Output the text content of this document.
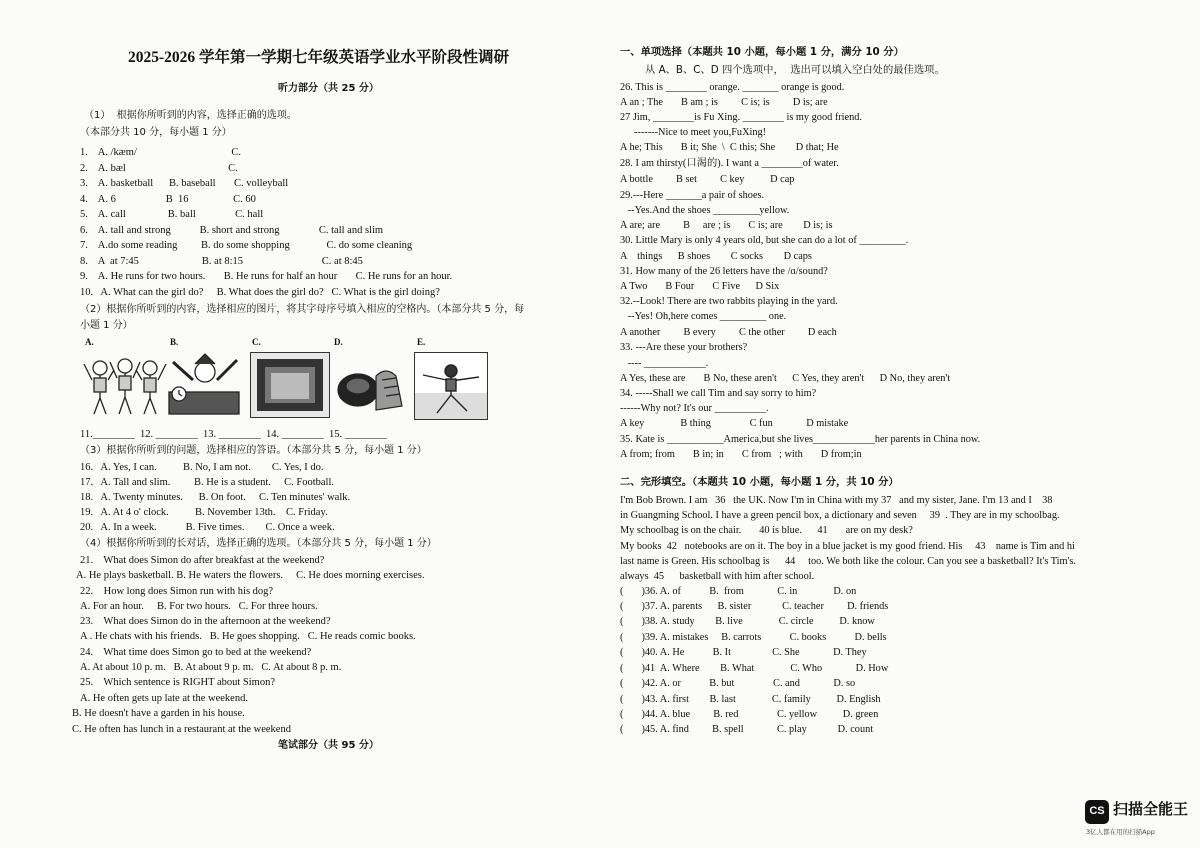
2025-2026 学年第一学期七年级英语学业水平阶段性调研
听力部分（共 25 分）
（1）  根据你所听到的内容，选择正确的选项。
（本部分共 10 分，每小题 1 分）
1.    A. /kæm/                                    C.
2.    A. bæl                                       C.
3.    A. basketball      B. baseball       C. volleyball
4.    A. 6                   B  16                 C. 60
5.    A. call                B. ball               C. hall
6.    A. tall and strong           B. short and strong               C. tall and slim
7.    A.do some reading         B. do some shopping              C. do some cleaning
8.    A  at 7:45                        B. at 8:15                              C. at 8:45
9.    A. He runs for two hours.       B. He runs for half an hour       C. He runs for an hour.
10.   A. What can the girl do?     B. What does the girl do?   C. What is the girl doing?
（2）根据你所听到的内容，选择相应的图片，将其字母序号填入相应的空格内。（本部分共 5 分，每
小题 1 分）
A.	B.	C.	D.	E.
11.________  12. ________  13. ________  14. ________  15. ________
（3）根据你所听到的问题，选择相应的答语。（本部分共 5 分，每小题 1 分）
16.   A. Yes, I can.          B. No, I am not.        C. Yes, I do.
17.   A. Tall and slim.         B. He is a student.     C. Football.
18.   A. Twenty minutes.      B. On foot.     C. Ten minutes' walk.
19.   A. At 4 o' clock.          B. November 13th.    C. Friday.
20.   A. In a week.           B. Five times.        C. Once a week.
（4）根据你所听到的长对话，选择正确的选项。（本部分共 5 分，每小题 1 分）
21.    What does Simon do after breakfast at the weekend?
A. He plays basketball. B. He waters the flowers.     C. He does morning exercises.
22.    How long does Simon run with his dog?
A. For an hour.     B. For two hours.   C. For three hours.
23.    What does Simon do in the afternoon at the weekend?
A . He chats with his friends.   B. He goes shopping.   C. He reads comic books.
24.    What time does Simon go to bed at the weekend?
A. At about 10 p. m.   B. At about 9 p. m.   C. At about 8 p. m.
25.    Which sentence is RIGHT about Simon?
A. He often gets up late at the weekend.
B. He doesn't have a garden in his house.
C. He often has lunch in a restaurant at the weekend
笔试部分（共 95 分）
一、单项选择（本题共 10 小题，每小题 1 分，满分 10 分）
从 A、B、C、D 四个选项中，  选出可以填入空白处的最佳选项。
26. This is ________ orange. _______ orange is good.
A an ; The       B am ; is         C is; is         D is; are
27 Jim, ________is Fu Xing. ________ is my good friend.
-------Nice to meet you,FuXing!
A he; This       B it; She  \  C this; She        D that; He
28. I am thirsty(口渴的). I want a ________of water.
A bottle         B set         C key          D cap
29.---Here _______a pair of shoes.
--Yes.And the shoes _________yellow.
A are; are         B     are ; is       C is; are        D is; is
30. Little Mary is only 4 years old, but she can do a lot of _________.
A    things      B shoes        C socks        D caps
31. How many of the 26 letters have the /ɑ/sound?
A Two       B Four       C Five      D Six
32.--Look! There are two rabbits playing in the yard.
--Yes! Oh,here comes _________ one.
A another         B every         C the other         D each
33. ---Are these your brothers?
---- ____________.
A Yes, these are       B No, these aren't      C Yes, they aren't      D No, they aren't
34. -----Shall we call Tim and say sorry to him?
------Why not? It's our __________.
A key              B thing               C fun             D mistake
35. Kate is ___________America,but she lives____________her parents in China now.
A from; from       B in; in       C from   ; with       D from;in
二、完形填空。（本题共 10 小题，每小题 1 分，共 10 分）
I'm Bob Brown. I am   36   the UK. Now I'm in China with my 37   and my sister, Jane. I'm 13 and I    38
in Guangming School. I have a green pencil box, a dictionary and seven     39  . They are in my schoolbag.
My schoolbag is on the chair.       40 is blue.      41       are on my desk?
My books  42   notebooks are on it. The boy in a blue jacket is my good friend. His     43    name is Tim and hi
last name is Green. His schoolbag is      44     too. We both like the colour. Can you see a basketball? It's Tim's.
always  45      basketball with him after school.
(       )36. A. of           B.  from             C. in              D. on
(       )37. A. parents      B. sister            C. teacher         D. friends
(       )38. A. study        B. live              C. circle          D. know
(       )39. A. mistakes     B. carrots           C. books           D. bells
(       )40. A. He           B. It                C. She             D. They
(       )41  A. Where        B. What              C. Who             D. How
(       )42. A. or           B. but               C. and             D. so
(       )43. A. first        B. last              C. family          D. English
(       )44. A. blue         B. red               C. yellow          D. green
(       )45. A. find         B. spell             C. play            D. count
CS 扫描全能王
3亿人都在用的扫描App
